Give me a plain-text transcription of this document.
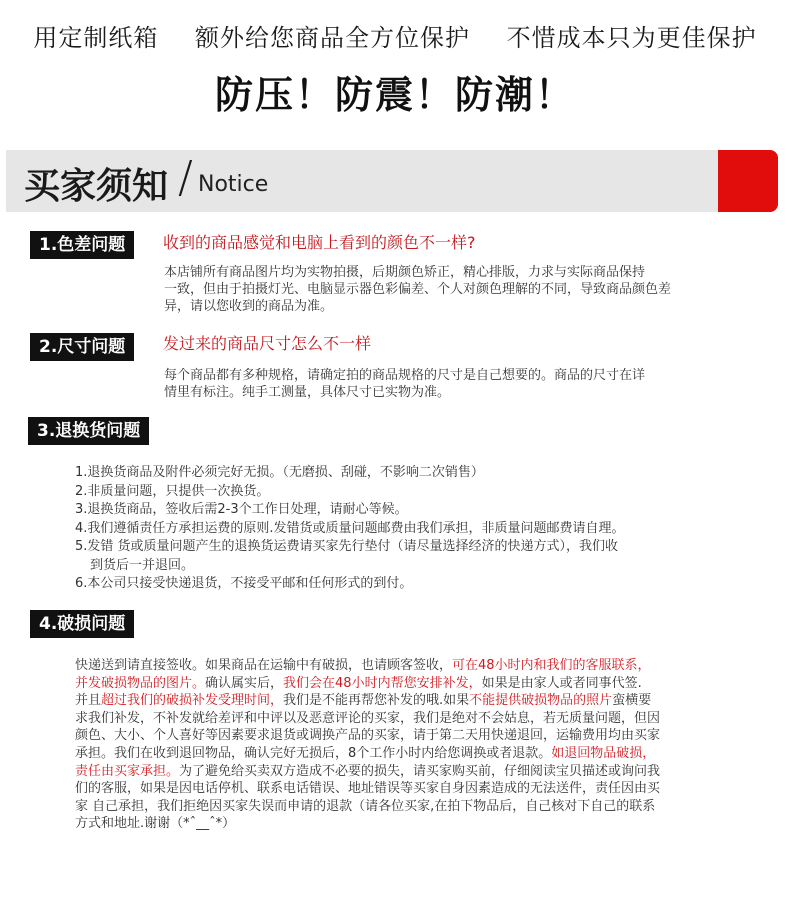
用定制纸箱 额外给您商品全方位保护 不惜成本只为更佳保护
防压！防震！防潮！
买家须知 / Notice
1.色差问题	收到的商品感觉和电脑上看到的颜色不一样?

本店铺所有商品图片均为实物拍摄，后期颜色矫正，精心排版，力求与实际商品保持

一致，但由于拍摄灯光、电脑显示器色彩偏差、个人对颜色理解的不同，导致商品颜色差

异，请以您收到的商品为准。

2.尺寸问题	发过来的商品尺寸怎么不一样

每个商品都有多种规格，请确定拍的商品规格的尺寸是自己想要的。商品的尺寸在详

情里有标注。纯手工测量，具体尺寸已实物为准。

3.退换货问题

1.退换货商品及附件必须完好无损。（无磨损、刮碰，不影响二次销售）

2.非质量问题，只提供一次换货。

3.退换货商品，签收后需2-3个工作日处理，请耐心等候。

4.我们遵循责任方承担运费的原则.发错货或质量问题邮费由我们承担，非质量问题邮费请自理。

5.发错 货或质量问题产生的退换货运费请买家先行垫付（请尽量选择经济的快递方式），我们收

到货后一并退回。

6.本公司只接受快递退货，不接受平邮和任何形式的到付。

4.破损问题

快递送到请直接签收。如果商品在运输中有破损，也请顾客签收，可在48小时内和我们的客服联系，

并发破损物品的图片。确认属实后，我们会在48小时内帮您安排补发，如果是由家人或者同事代签.

并且超过我们的破损补发受理时间，我们是不能再帮您补发的哦.如果不能提供破损物品的照片蛮横要

求我们补发，不补发就给差评和中评以及恶意评论的买家，我们是绝对不会姑息，若无质量问题，但因

颜色、大小、个人喜好等因素要求退货或调换产品的买家，请于第二天用快递退回，运输费用均由买家

承担。我们在收到退回物品，确认完好无损后，8个工作小时内给您调换或者退款。如退回物品破损，

责任由买家承担。为了避免给买卖双方造成不必要的损失，请买家购买前，仔细阅读宝贝描述或询问我

们的客服，如果是因电话停机、联系电话错误、地址错误等买家自身因素造成的无法送件，责任因由买

家 自己承担，我们拒绝因买家失误而申请的退款（请各位买家,在拍下物品后，自己核对下自己的联系

方式和地址.谢谢（*ˆ__ˆ*）
